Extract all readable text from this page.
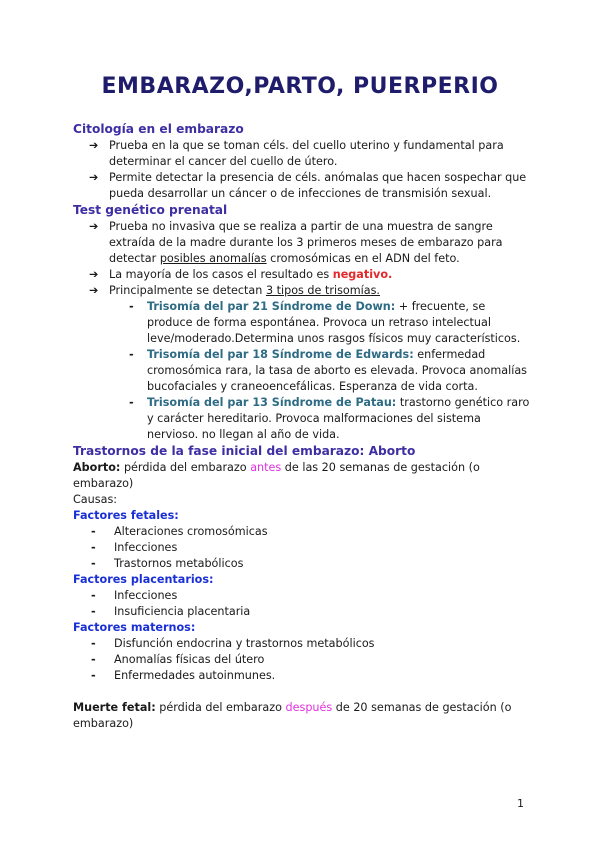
EMBARAZO,PARTO, PUERPERIO

Citología en el embarazo

➔ Prueba en la que se toman céls. del cuello uterino y fundamental para determinar el cancer del cuello de útero.
➔ Permite detectar la presencia de céls. anómalas que hacen sospechar que pueda desarrollar un cáncer o de infecciones de transmisión sexual.

Test genético prenatal

➔ Prueba no invasiva que se realiza a partir de una muestra de sangre extraída de la madre durante los 3 primeros meses de embarazo para detectar posibles anomalías cromosómicas en el ADN del feto.
➔ La mayoría de los casos el resultado es negativo.
➔ Principalmente se detectan 3 tipos de trisomías.
- Trisomía del par 21 Síndrome de Down: + frecuente, se produce de forma espontánea. Provoca un retraso intelectual leve/moderado.Determina unos rasgos físicos muy característicos.
- Trisomía del par 18 Síndrome de Edwards: enfermedad cromosómica rara, la tasa de aborto es elevada. Provoca anomalías bucofaciales y craneoencefálicas. Esperanza de vida corta.
- Trisomía del par 13 Síndrome de Patau: trastorno genético raro y carácter hereditario. Provoca malformaciones del sistema nervioso. no llegan al año de vida.

Trastornos de la fase inicial del embarazo: Aborto

Aborto: pérdida del embarazo antes de las 20 semanas de gestación (o embarazo)

Causas:

Factores fetales:

- Alteraciones cromosómicas
- Infecciones
- Trastornos metabólicos

Factores placentarios:

- Infecciones
- Insuficiencia placentaria

Factores maternos:

- Disfunción endocrina y trastornos metabólicos
- Anomalías físicas del útero
- Enfermedades autoinmunes.

Muerte fetal: pérdida del embarazo después de 20 semanas de gestación (o embarazo)

1
